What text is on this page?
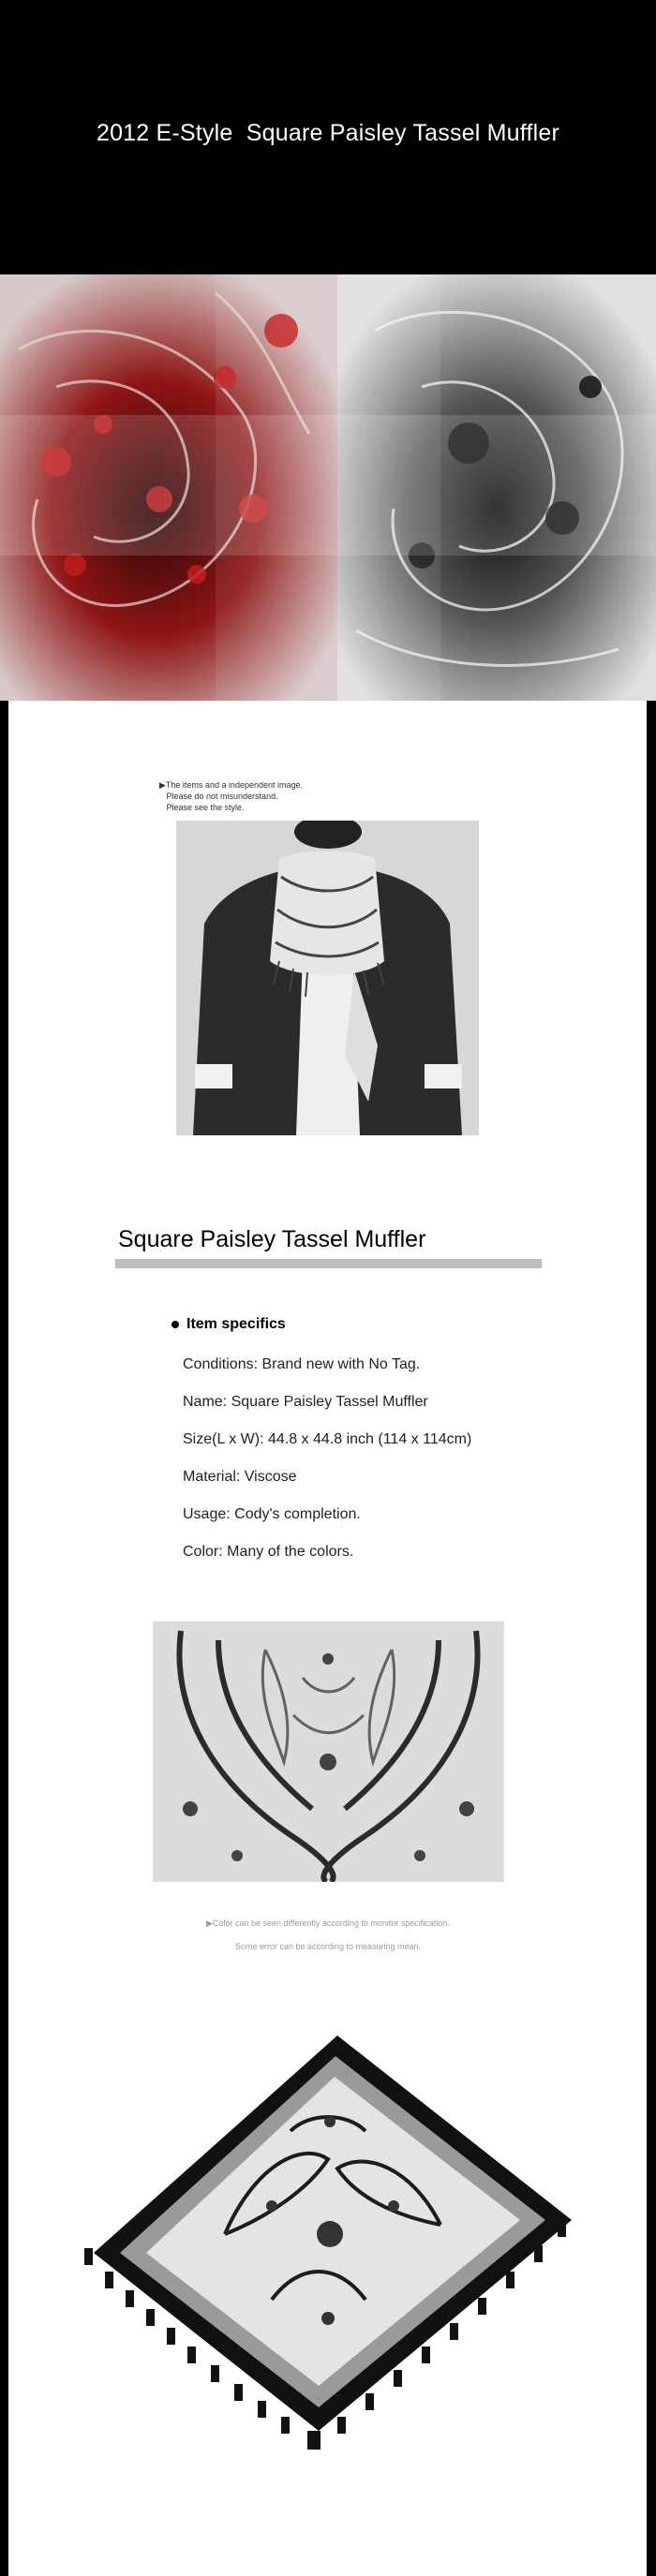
2012 E-Style  Square Paisley Tassel Muffler
▶The items and a independent image.
Please do not misunderstand.
Please see the style.
Square Paisley Tassel Muffler
Item specifics
Conditions: Brand new with No Tag.
Name: Square Paisley Tassel Muffler
Size(L x W): 44.8 x 44.8 inch (114 x 114cm)
Material: Viscose
Usage: Cody's completion.
Color: Many of the colors.
▶Color can be seen differently according to monitor specification.
Some error can be according to measuring mean.
